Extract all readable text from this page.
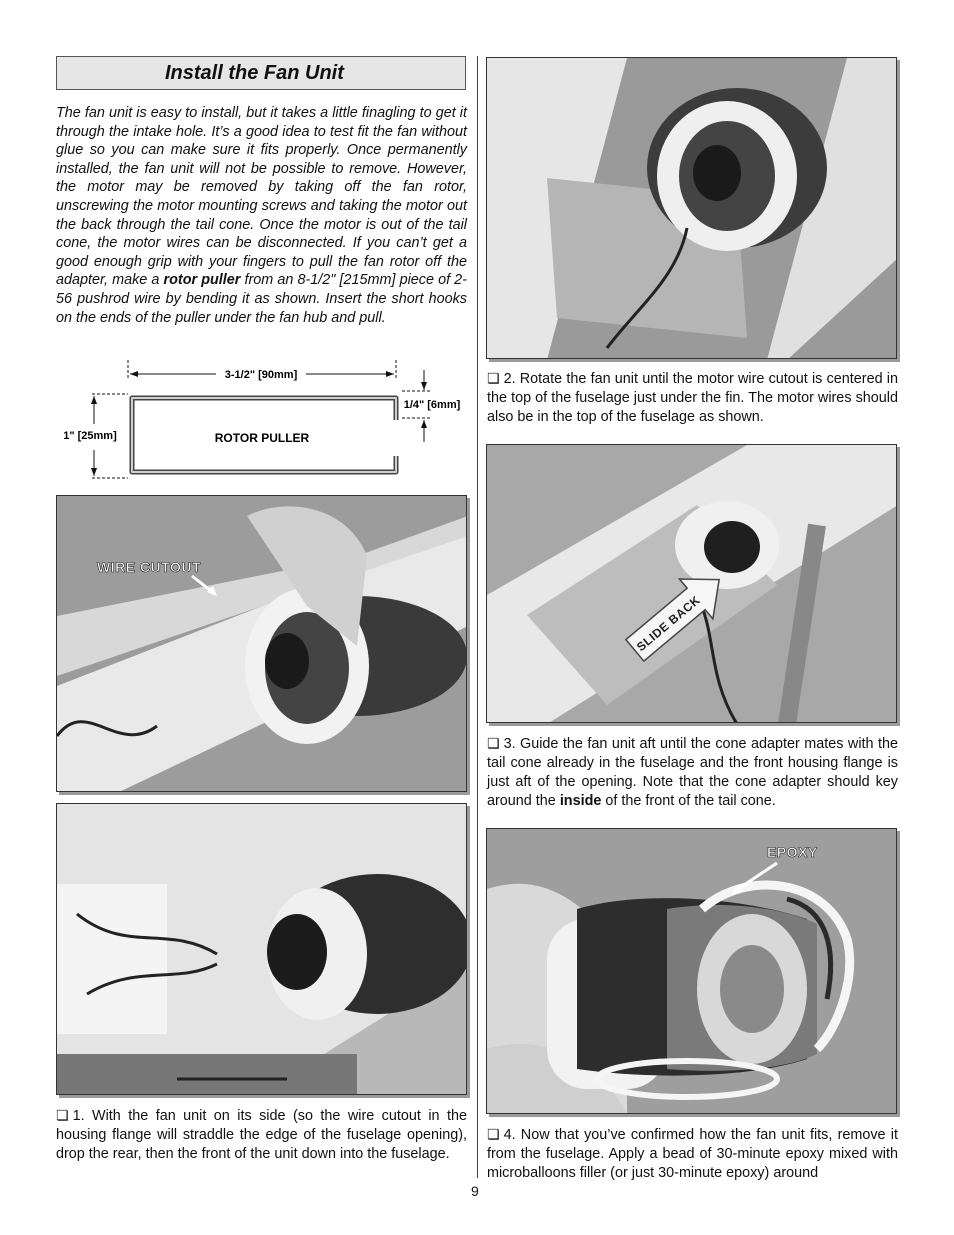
Install the Fan Unit
The fan unit is easy to install, but it takes a little finagling to get it through the intake hole. It’s a good idea to test fit the fan without glue so you can make sure it fits properly. Once permanently installed, the fan unit will not be possible to remove. However, the motor may be removed by taking off the fan rotor, unscrewing the motor mounting screws and taking the motor out the back through the tail cone. Once the motor is out of the tail cone, the motor wires can be disconnected. If you can’t get a good enough grip with your fingers to pull the fan rotor off the adapter, make a rotor puller from an 8-1/2" [215mm] piece of 2-56 pushrod wire by bending it as shown. Insert the short hooks on the ends of the puller under the fan hub and pull.
3-1/2" [90mm]
ROTOR PULLER
1" [25mm]
1/4" [6mm]
WIRE CUTOUT
❏ 1. With the fan unit on its side (so the wire cutout in the housing flange will straddle the edge of the fuselage opening), drop the rear, then the front of the unit down into the fuselage.
❏ 2. Rotate the fan unit until the motor wire cutout is centered in the top of the fuselage just under the fin. The motor wires should also be in the top of the fuselage as shown.
SLIDE BACK
❏ 3. Guide the fan unit aft until the cone adapter mates with the tail cone already in the fuselage and the front housing flange is just aft of the opening. Note that the cone adapter should key around the inside of the front of the tail cone.
EPOXY
❏ 4. Now that you’ve confirmed how the fan unit fits, remove it from the fuselage. Apply a bead of 30-minute epoxy mixed with microballoons filler (or just 30-minute epoxy) around
9
